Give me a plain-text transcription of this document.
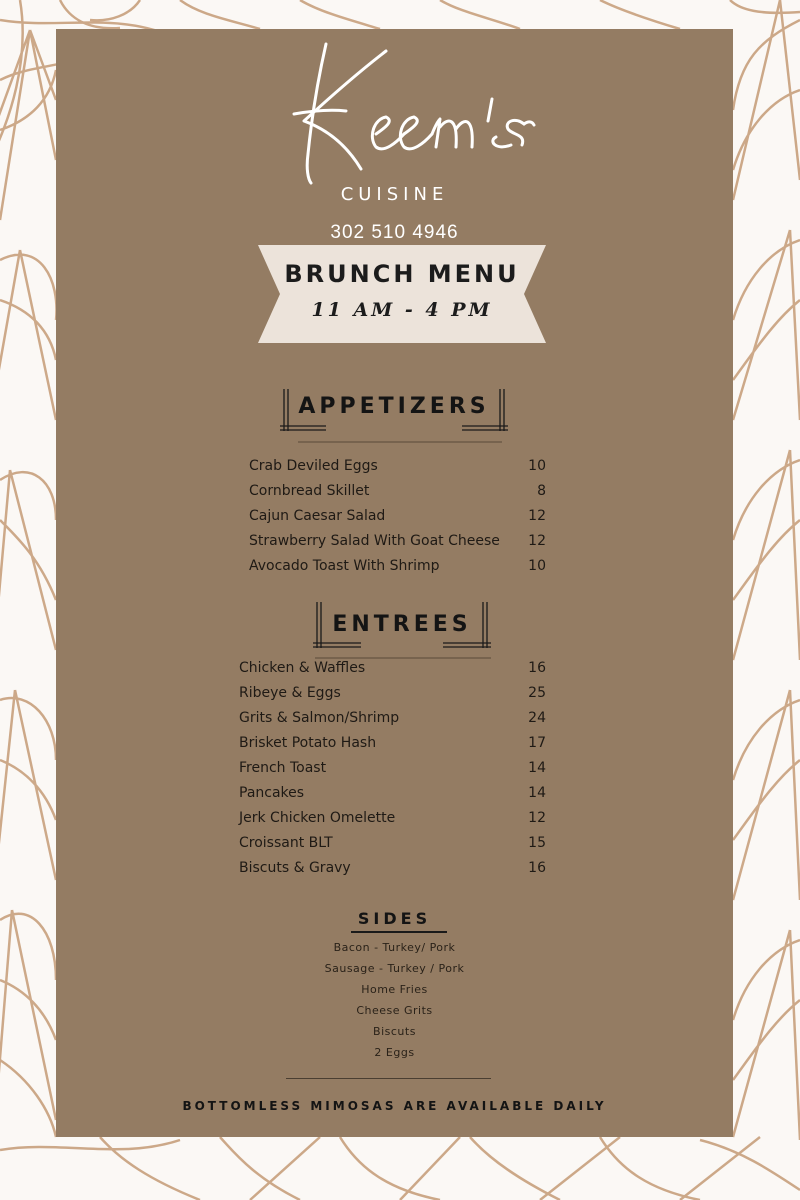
CUISINE
302 510 4946
BRUNCH MENU
11 AM - 4 PM
APPETIZERS
Crab Deviled Eggs	10
Cornbread Skillet	8
Cajun Caesar Salad	12
Strawberry Salad With Goat Cheese 12
Avocado Toast With Shrimp	10
ENTREES
Chicken & Waffles	16
Ribeye & Eggs	25
Grits & Salmon/Shrimp	24
Brisket Potato Hash	17
French Toast	14
Pancakes	14
Jerk Chicken Omelette	12
Croissant BLT	15
Biscuts & Gravy	16
SIDES
Bacon - Turkey/ Pork
Sausage - Turkey / Pork
Home Fries
Cheese Grits
Biscuts
2 Eggs
BOTTOMLESS MIMOSAS ARE AVAILABLE DAILY
